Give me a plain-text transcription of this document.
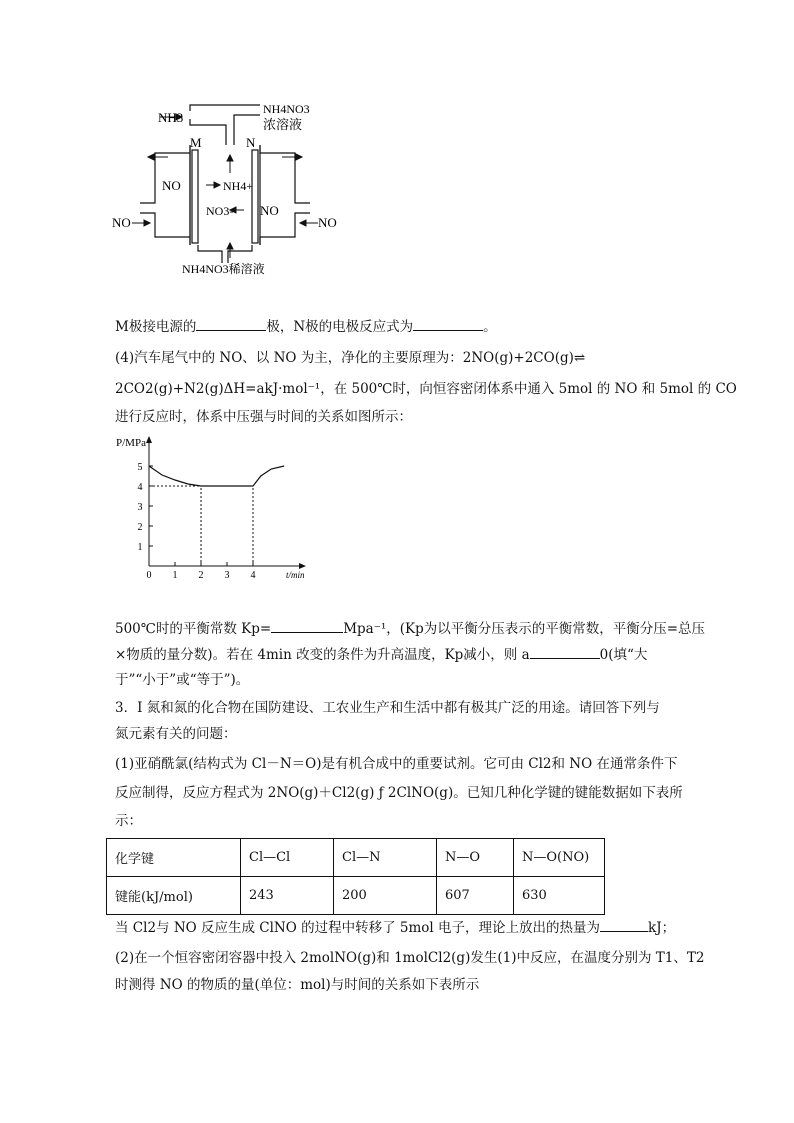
NH3
NH4NO3
浓溶液
M	N
NO	NH4+
NO3- NO
NO	NO
NH4NO3稀溶液
M极接电源的	极，N极的电极反应式为	。
(4)汽车尾气中的 NO、以 NO 为主，净化的主要原理为：2NO(g)+2CO(g)⇌
2CO2(g)+N2(g)ΔH=akJ·mol⁻¹，在 500℃时，向恒容密闭体系中通入 5mol 的 NO 和 5mol 的 CO
进行反应时，体系中压强与时间的关系如图所示：
1
2
3
4
5
0 1 2 3 4
P/MPa
t/min
500℃时的平衡常数 Kp=	Mpa⁻¹，(Kp为以平衡分压表示的平衡常数，平衡分压=总压
×物质的量分数)。若在 4min 改变的条件为升高温度，Kp减小，则 a	0(填“大
于”“小于”或“等于”)。
3．I 氮和氮的化合物在国防建设、工农业生产和生活中都有极其广泛的用途。请回答下列与
氮元素有关的问题：
(1)亚硝酰氯(结构式为 Cl－N＝O)是有机合成中的重要试剂。它可由 Cl2和 NO 在通常条件下
反应制得，反应方程式为 2NO(g)＋Cl2(g) ƒ 2ClNO(g)。已知几种化学键的键能数据如下表所
示：
化学键	Cl—Cl	Cl—N	N—O	N—O(NO)
键能(kJ/mol)	243	200	607	630
当 Cl2与 NO 反应生成 ClNO 的过程中转移了 5mol 电子，理论上放出的热量为	kJ；
(2)在一个恒容密闭容器中投入 2molNO(g)和 1molCl2(g)发生(1)中反应，在温度分别为 T1、T2
时测得 NO 的物质的量(单位：mol)与时间的关系如下表所示
